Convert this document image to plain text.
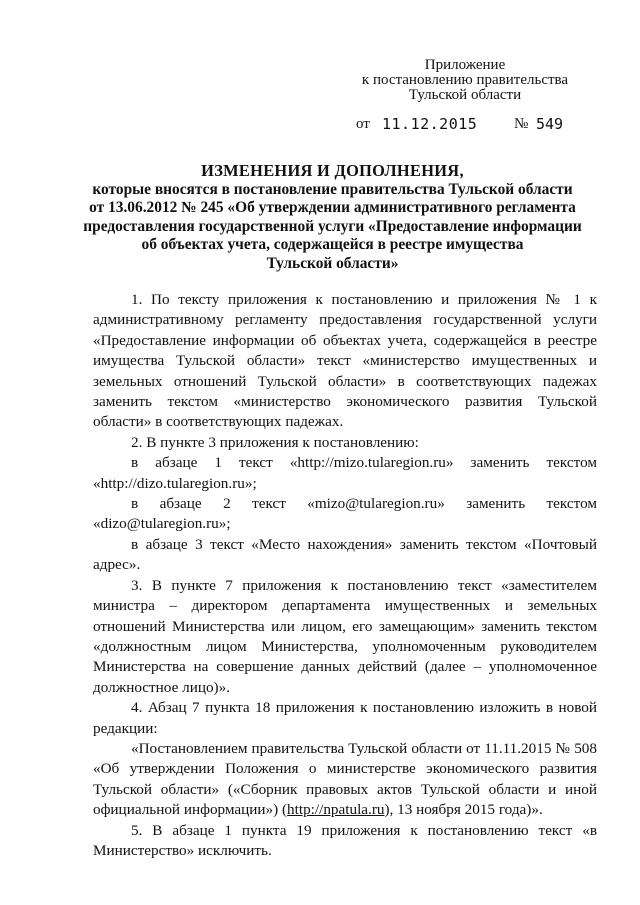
Приложение
к постановлению правительства
Тульской области
от 11.12.2015 № 549
ИЗМЕНЕНИЯ И ДОПОЛНЕНИЯ,
которые вносятся в постановление правительства Тульской области
от 13.06.2012 № 245 «Об утверждении административного регламента
предоставления государственной услуги «Предоставление информации
об объектах учета, содержащейся в реестре имущества
Тульской области»

1. По тексту приложения к постановлению и приложения № 1 к административному регламенту предоставления государственной услуги «Предоставление информации об объектах учета, содержащейся в реестре имущества Тульской области» текст «министерство имущественных и земельных отношений Тульской области» в соответствующих падежах заменить текстом «министерство экономического развития Тульской области» в соответствующих падежах.

2. В пункте 3 приложения к постановлению:

в абзаце 1 текст «http://mizo.tularegion.ru» заменить текстом «http://dizo.tularegion.ru»;

в абзаце 2 текст «mizo@tularegion.ru» заменить текстом «dizo@tularegion.ru»;

в абзаце 3 текст «Место нахождения» заменить текстом «Почтовый адрес».

3. В пункте 7 приложения к постановлению текст «заместителем министра – директором департамента имущественных и земельных отношений Министерства или лицом, его замещающим» заменить текстом «должностным лицом Министерства, уполномоченным руководителем Министерства на совершение данных действий (далее – уполномоченное должностное лицо)».

4. Абзац 7 пункта 18 приложения к постановлению изложить в новой редакции:

«Постановлением правительства Тульской области от 11.11.2015 № 508 «Об утверждении Положения о министерстве экономического развития Тульской области» («Сборник правовых актов Тульской области и иной официальной информации») (http://npatula.ru), 13 ноября 2015 года)».

5. В абзаце 1 пункта 19 приложения к постановлению текст «в Министерство» исключить.
